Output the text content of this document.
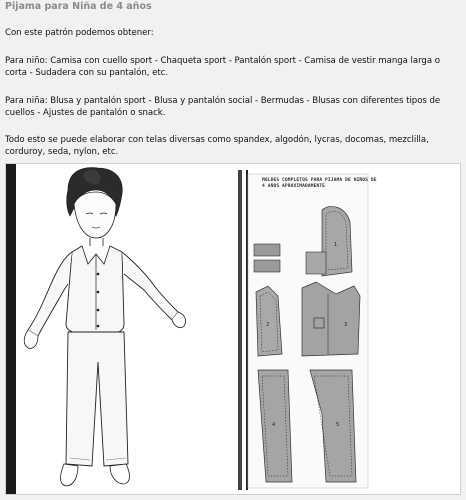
Pijama para Niña de 4 años
Con este patrón podemos obtener:
Para niño: Camisa con cuello sport - Chaqueta sport - Pantalón sport - Camisa de vestir manga larga o corta - Sudadera con su pantalón, etc.
Para niña: Blusa y pantalón sport - Blusa y pantalón social - Bermudas - Blusas con diferentes tipos de cuellos - Ajustes de pantalón o snack.
Todo esto se puede elaborar con telas diversas como spandex, algodón, lycras, docomas, mezclilla, corduroy, seda, nylon, etc.
1
2	3
4	5
MOLDES COMPLETOS PARA PIJAMA DE NIÑOS DE 4 AÑOS APROXIMADAMENTE
